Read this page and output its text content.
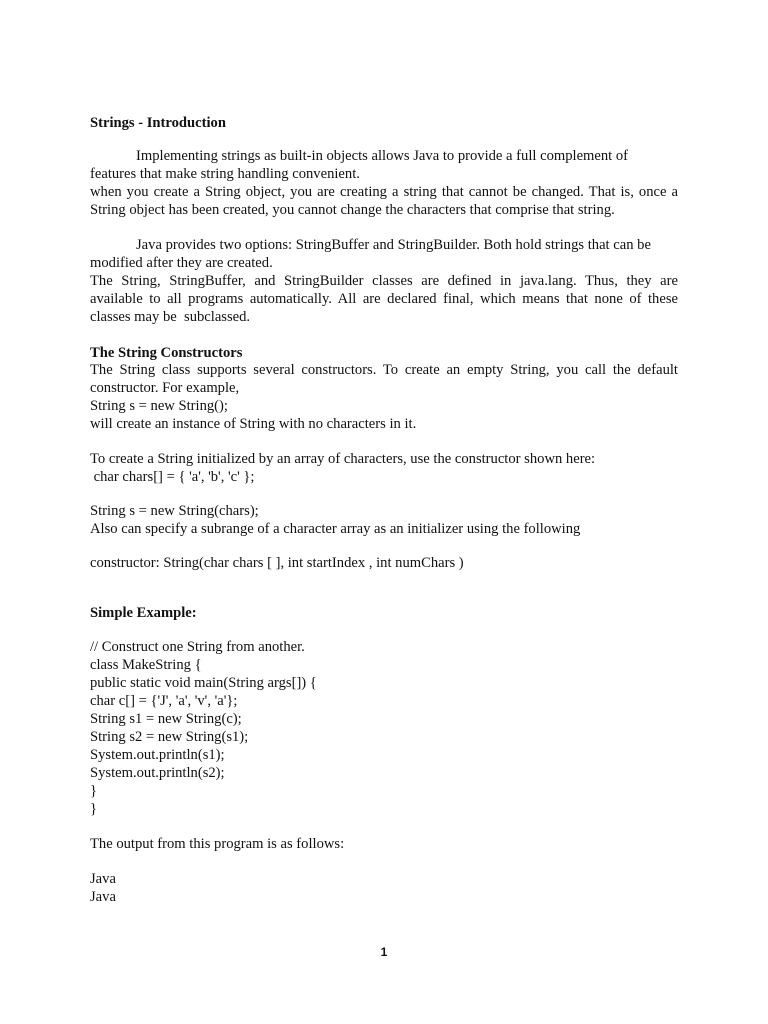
Strings - Introduction

Implementing strings as built-in objects allows Java to provide a full complement of

features that make string handling convenient.

when you create a String object, you are creating a string that cannot be changed. That is, once a

String object has been created, you cannot change the characters that comprise that string.

Java provides two options: StringBuffer and StringBuilder. Both hold strings that can be

modified after they are created.

The String, StringBuffer, and StringBuilder classes are defined in java.lang. Thus, they are

available to all programs automatically. All are declared final, which means that none of these

classes may be  subclassed.

The String Constructors

The String class supports several constructors. To create an empty String, you call the default

constructor. For example,

String s = new String();

will create an instance of String with no characters in it.

To create a String initialized by an array of characters, use the constructor shown here:

char chars[] = { 'a', 'b', 'c' };

String s = new String(chars);

Also can specify a subrange of a character array as an initializer using the following

constructor: String(char chars [ ], int startIndex , int numChars )

Simple Example:

// Construct one String from another.

class MakeString {

public static void main(String args[]) {

char c[] = {'J', 'a', 'v', 'a'};

String s1 = new String(c);

String s2 = new String(s1);

System.out.println(s1);

System.out.println(s2);

}

}

The output from this program is as follows:

Java

Java

1
